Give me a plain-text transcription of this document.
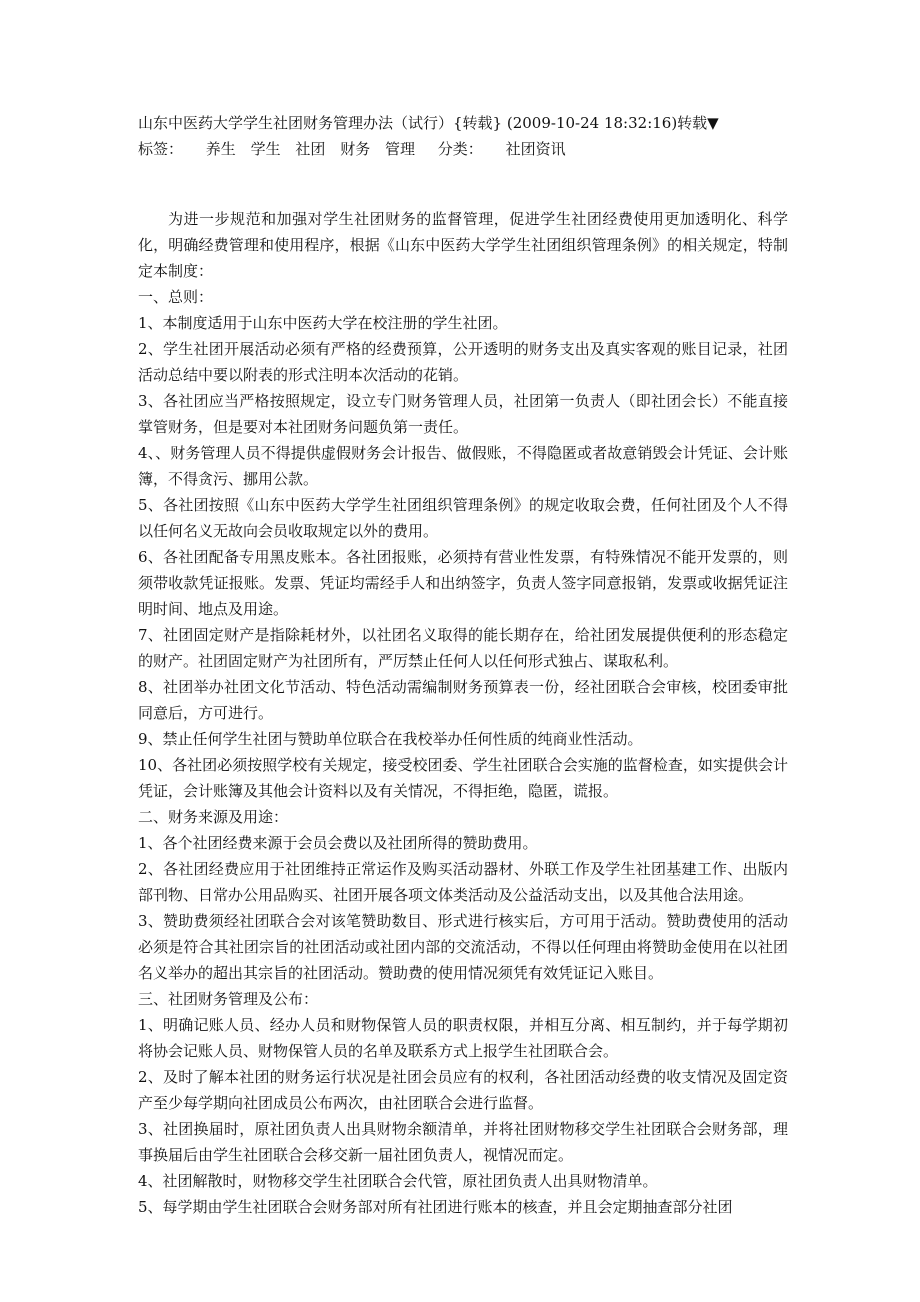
山东中医药大学学生社团财务管理办法（试行）{转载} (2009-10-24 18:32:16)转载▼
标签： 养生 学生 社团 财务 管理 分类： 社团资讯

为进一步规范和加强对学生社团财务的监督管理，促进学生社团经费使用更加透明化、科学化，明确经费管理和使用程序，根据《山东中医药大学学生社团组织管理条例》的相关规定，特制定本制度：

一、总则：

1、本制度适用于山东中医药大学在校注册的学生社团。

2、学生社团开展活动必须有严格的经费预算，公开透明的财务支出及真实客观的账目记录，社团活动总结中要以附表的形式注明本次活动的花销。

3、各社团应当严格按照规定，设立专门财务管理人员，社团第一负责人（即社团会长）不能直接掌管财务，但是要对本社团财务问题负第一责任。

4、、财务管理人员不得提供虚假财务会计报告、做假账，不得隐匿或者故意销毁会计凭证、会计账簿，不得贪污、挪用公款。

5、各社团按照《山东中医药大学学生社团组织管理条例》的规定收取会费，任何社团及个人不得以任何名义无故向会员收取规定以外的费用。

6、各社团配备专用黑皮账本。各社团报账，必须持有营业性发票，有特殊情况不能开发票的，则须带收款凭证报账。发票、凭证均需经手人和出纳签字，负责人签字同意报销，发票或收据凭证注明时间、地点及用途。

7、社团固定财产是指除耗材外，以社团名义取得的能长期存在，给社团发展提供便利的形态稳定的财产。社团固定财产为社团所有，严厉禁止任何人以任何形式独占、谋取私利。

8、社团举办社团文化节活动、特色活动需编制财务预算表一份，经社团联合会审核，校团委审批同意后，方可进行。

9、禁止任何学生社团与赞助单位联合在我校举办任何性质的纯商业性活动。

10、各社团必须按照学校有关规定，接受校团委、学生社团联合会实施的监督检查，如实提供会计凭证，会计账簿及其他会计资料以及有关情况，不得拒绝，隐匿，谎报。

二、财务来源及用途：

1、各个社团经费来源于会员会费以及社团所得的赞助费用。

2、各社团经费应用于社团维持正常运作及购买活动器材、外联工作及学生社团基建工作、出版内部刊物、日常办公用品购买、社团开展各项文体类活动及公益活动支出，以及其他合法用途。

3、赞助费须经社团联合会对该笔赞助数目、形式进行核实后，方可用于活动。赞助费使用的活动必须是符合其社团宗旨的社团活动或社团内部的交流活动，不得以任何理由将赞助金使用在以社团名义举办的超出其宗旨的社团活动。赞助费的使用情况须凭有效凭证记入账目。

三、社团财务管理及公布：

1、明确记账人员、经办人员和财物保管人员的职责权限，并相互分离、相互制约，并于每学期初将协会记账人员、财物保管人员的名单及联系方式上报学生社团联合会。

2、及时了解本社团的财务运行状况是社团会员应有的权利，各社团活动经费的收支情况及固定资产至少每学期向社团成员公布两次，由社团联合会进行监督。

3、社团换届时，原社团负责人出具财物余额清单，并将社团财物移交学生社团联合会财务部，理事换届后由学生社团联合会移交新一届社团负责人，视情况而定。

4、社团解散时，财物移交学生社团联合会代管，原社团负责人出具财物清单。

5、每学期由学生社团联合会财务部对所有社团进行账本的核查，并且会定期抽查部分社团
